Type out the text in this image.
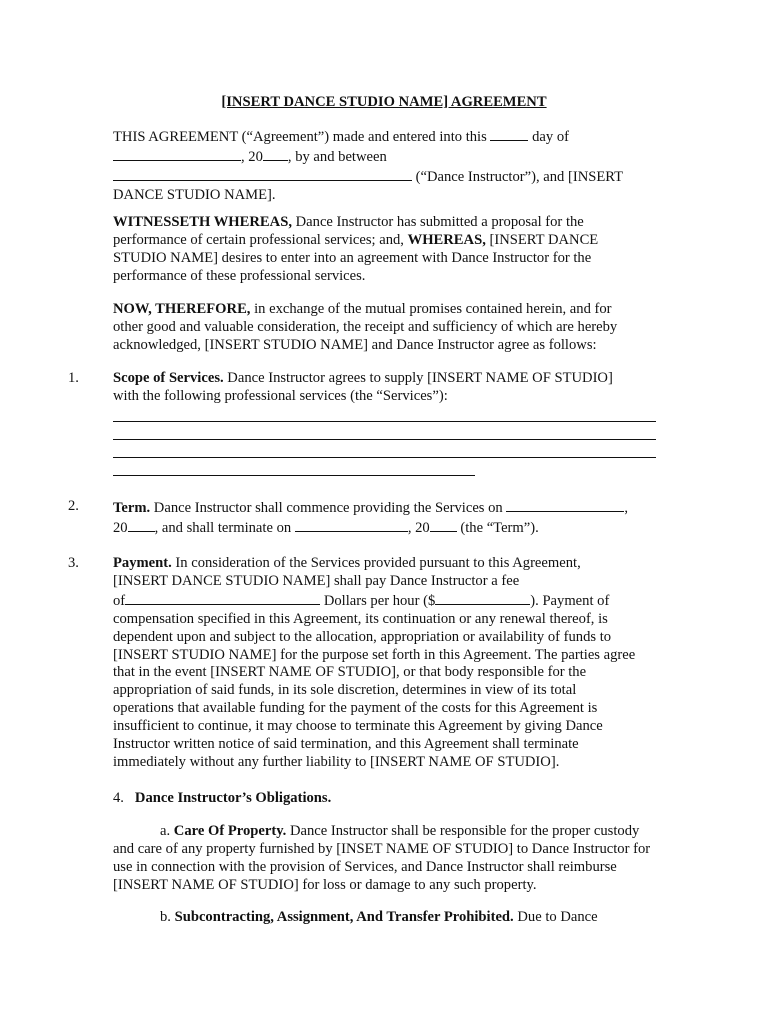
[INSERT DANCE STUDIO NAME] AGREEMENT

THIS AGREEMENT (“Agreement”) made and entered into this	day of
, 20 , by and between
(“Dance Instructor”), and [INSERT
DANCE STUDIO NAME].

WITNESSETH WHEREAS, Dance Instructor has submitted a proposal for the performance of certain professional services; and, WHEREAS, [INSERT DANCE STUDIO NAME] desires to enter into an agreement with Dance Instructor for the performance of these professional services.

NOW, THEREFORE, in exchange of the mutual promises contained herein, and for other good and valuable consideration, the receipt and sufficiency of which are hereby acknowledged, [INSERT STUDIO NAME] and Dance Instructor agree as follows:

1. Scope of Services. Dance Instructor agrees to supply [INSERT NAME OF STUDIO] with the following professional services (the “Services”):

2. Term. Dance Instructor shall commence providing the Services on	,
20 , and shall terminate on	, 20 (the “Term”).

3. Payment. In consideration of the Services provided pursuant to this Agreement, [INSERT DANCE STUDIO NAME] shall pay Dance Instructor a fee
of	Dollars per hour ($	). Payment of
compensation specified in this Agreement, its continuation or any renewal thereof, is dependent upon and subject to the allocation, appropriation or availability of funds to [INSERT STUDIO NAME] for the purpose set forth in this Agreement. The parties agree that in the event [INSERT NAME OF STUDIO], or that body responsible for the appropriation of said funds, in its sole discretion, determines in view of its total operations that available funding for the payment of the costs for this Agreement is insufficient to continue, it may choose to terminate this Agreement by giving Dance Instructor written notice of said termination, and this Agreement shall terminate immediately without any further liability to [INSERT NAME OF STUDIO].
4. Dance Instructor’s Obligations.

a. Care Of Property. Dance Instructor shall be responsible for the proper custody and care of any property furnished by [INSET NAME OF STUDIO] to Dance Instructor for use in connection with the provision of Services, and Dance Instructor shall reimburse [INSERT NAME OF STUDIO] for loss or damage to any such property.

b. Subcontracting, Assignment, And Transfer Prohibited. Due to Dance
